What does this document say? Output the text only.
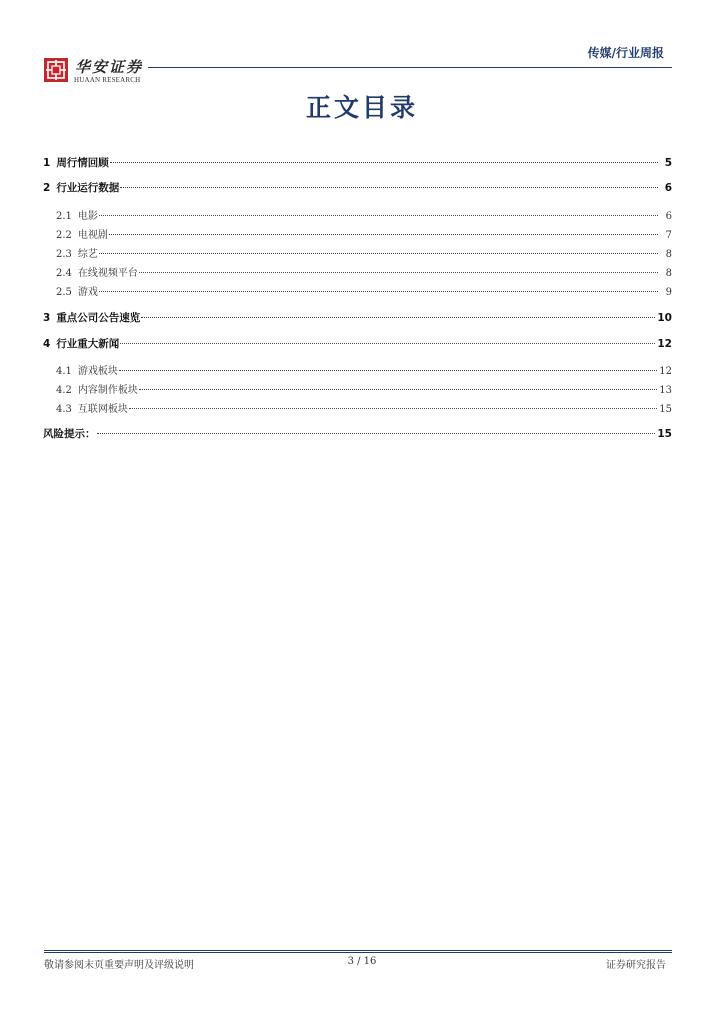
华安证券
HUAAN RESEARCH
传媒/行业周报
正文目录
1 周行情回顾	5
2 行业运行数据	6
2.1 电影	6
2.2 电视剧	7
2.3 综艺	8
2.4 在线视频平台	8
2.5 游戏	9
3 重点公司公告速览	10
4 行业重大新闻	12
4.1 游戏板块	12
4.2 内容制作板块	13
4.3 互联网板块	15
风险提示：	15
敬请参阅末页重要声明及评级说明	3 / 16	证券研究报告
